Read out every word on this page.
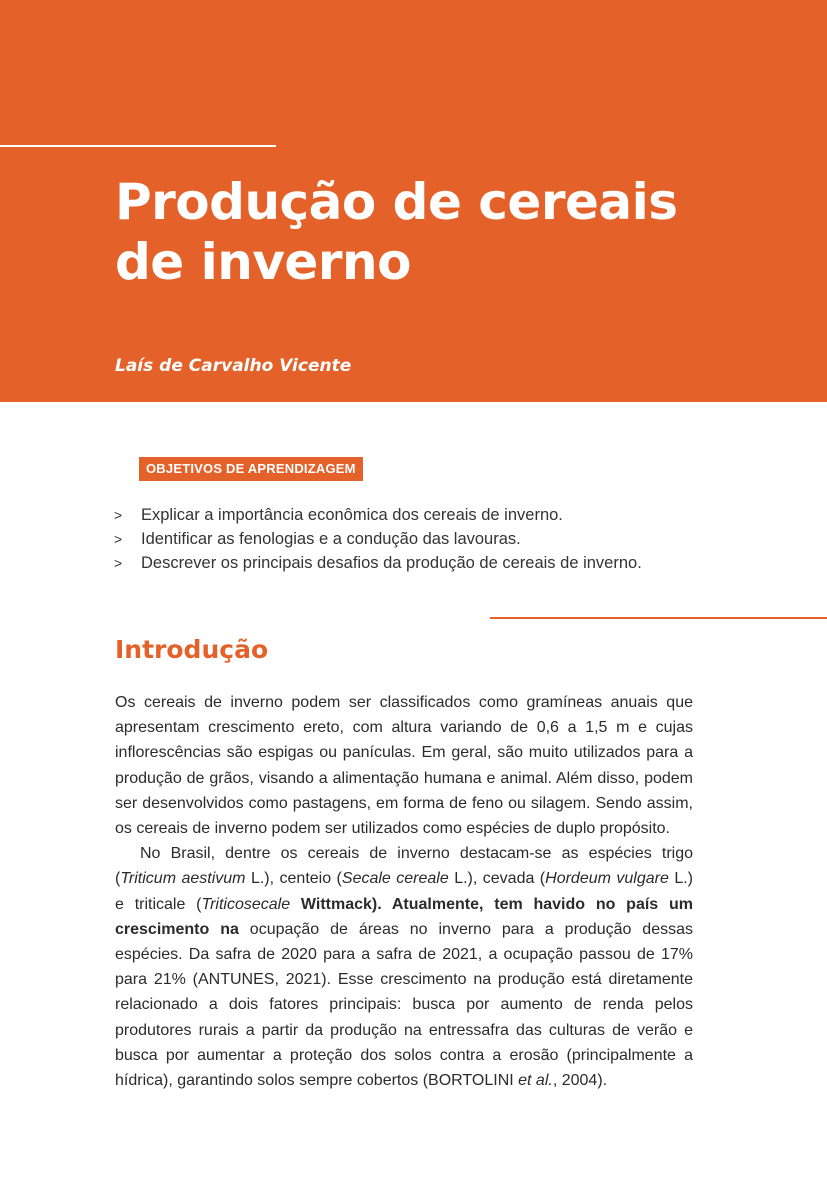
Produção de cereais
de inverno
Laís de Carvalho Vicente
OBJETIVOS DE APRENDIZAGEM
> Explicar a importância econômica dos cereais de inverno.
> Identificar as fenologias e a condução das lavouras.
> Descrever os principais desafios da produção de cereais de inverno.
Introdução

Os cereais de inverno podem ser classificados como gramíneas anuais que apresentam crescimento ereto, com altura variando de 0,6 a 1,5 m e cujas inflorescências são espigas ou panículas. Em geral, são muito utilizados para a produção de grãos, visando a alimentação humana e animal. Além disso, podem ser desenvolvidos como pastagens, em forma de feno ou silagem. Sendo assim, os cereais de inverno podem ser utilizados como espécies de duplo propósito.

No Brasil, dentre os cereais de inverno destacam-se as espécies trigo (Triticum aestivum L.), centeio (Secale cereale L.), cevada (Hordeum vulgare L.) e triticale (Triticosecale Wittmack). Atualmente, tem havido no país um crescimento na ocupação de áreas no inverno para a produção dessas espécies. Da safra de 2020 para a safra de 2021, a ocupação passou de 17% para 21% (ANTUNES, 2021). Esse crescimento na produção está diretamente relacionado a dois fatores principais: busca por aumento de renda pelos produtores rurais a partir da produção na entressafra das culturas de verão e busca por aumentar a proteção dos solos contra a erosão (principalmente a hídrica), garantindo solos sempre cobertos (BORTOLINI et al., 2004).
